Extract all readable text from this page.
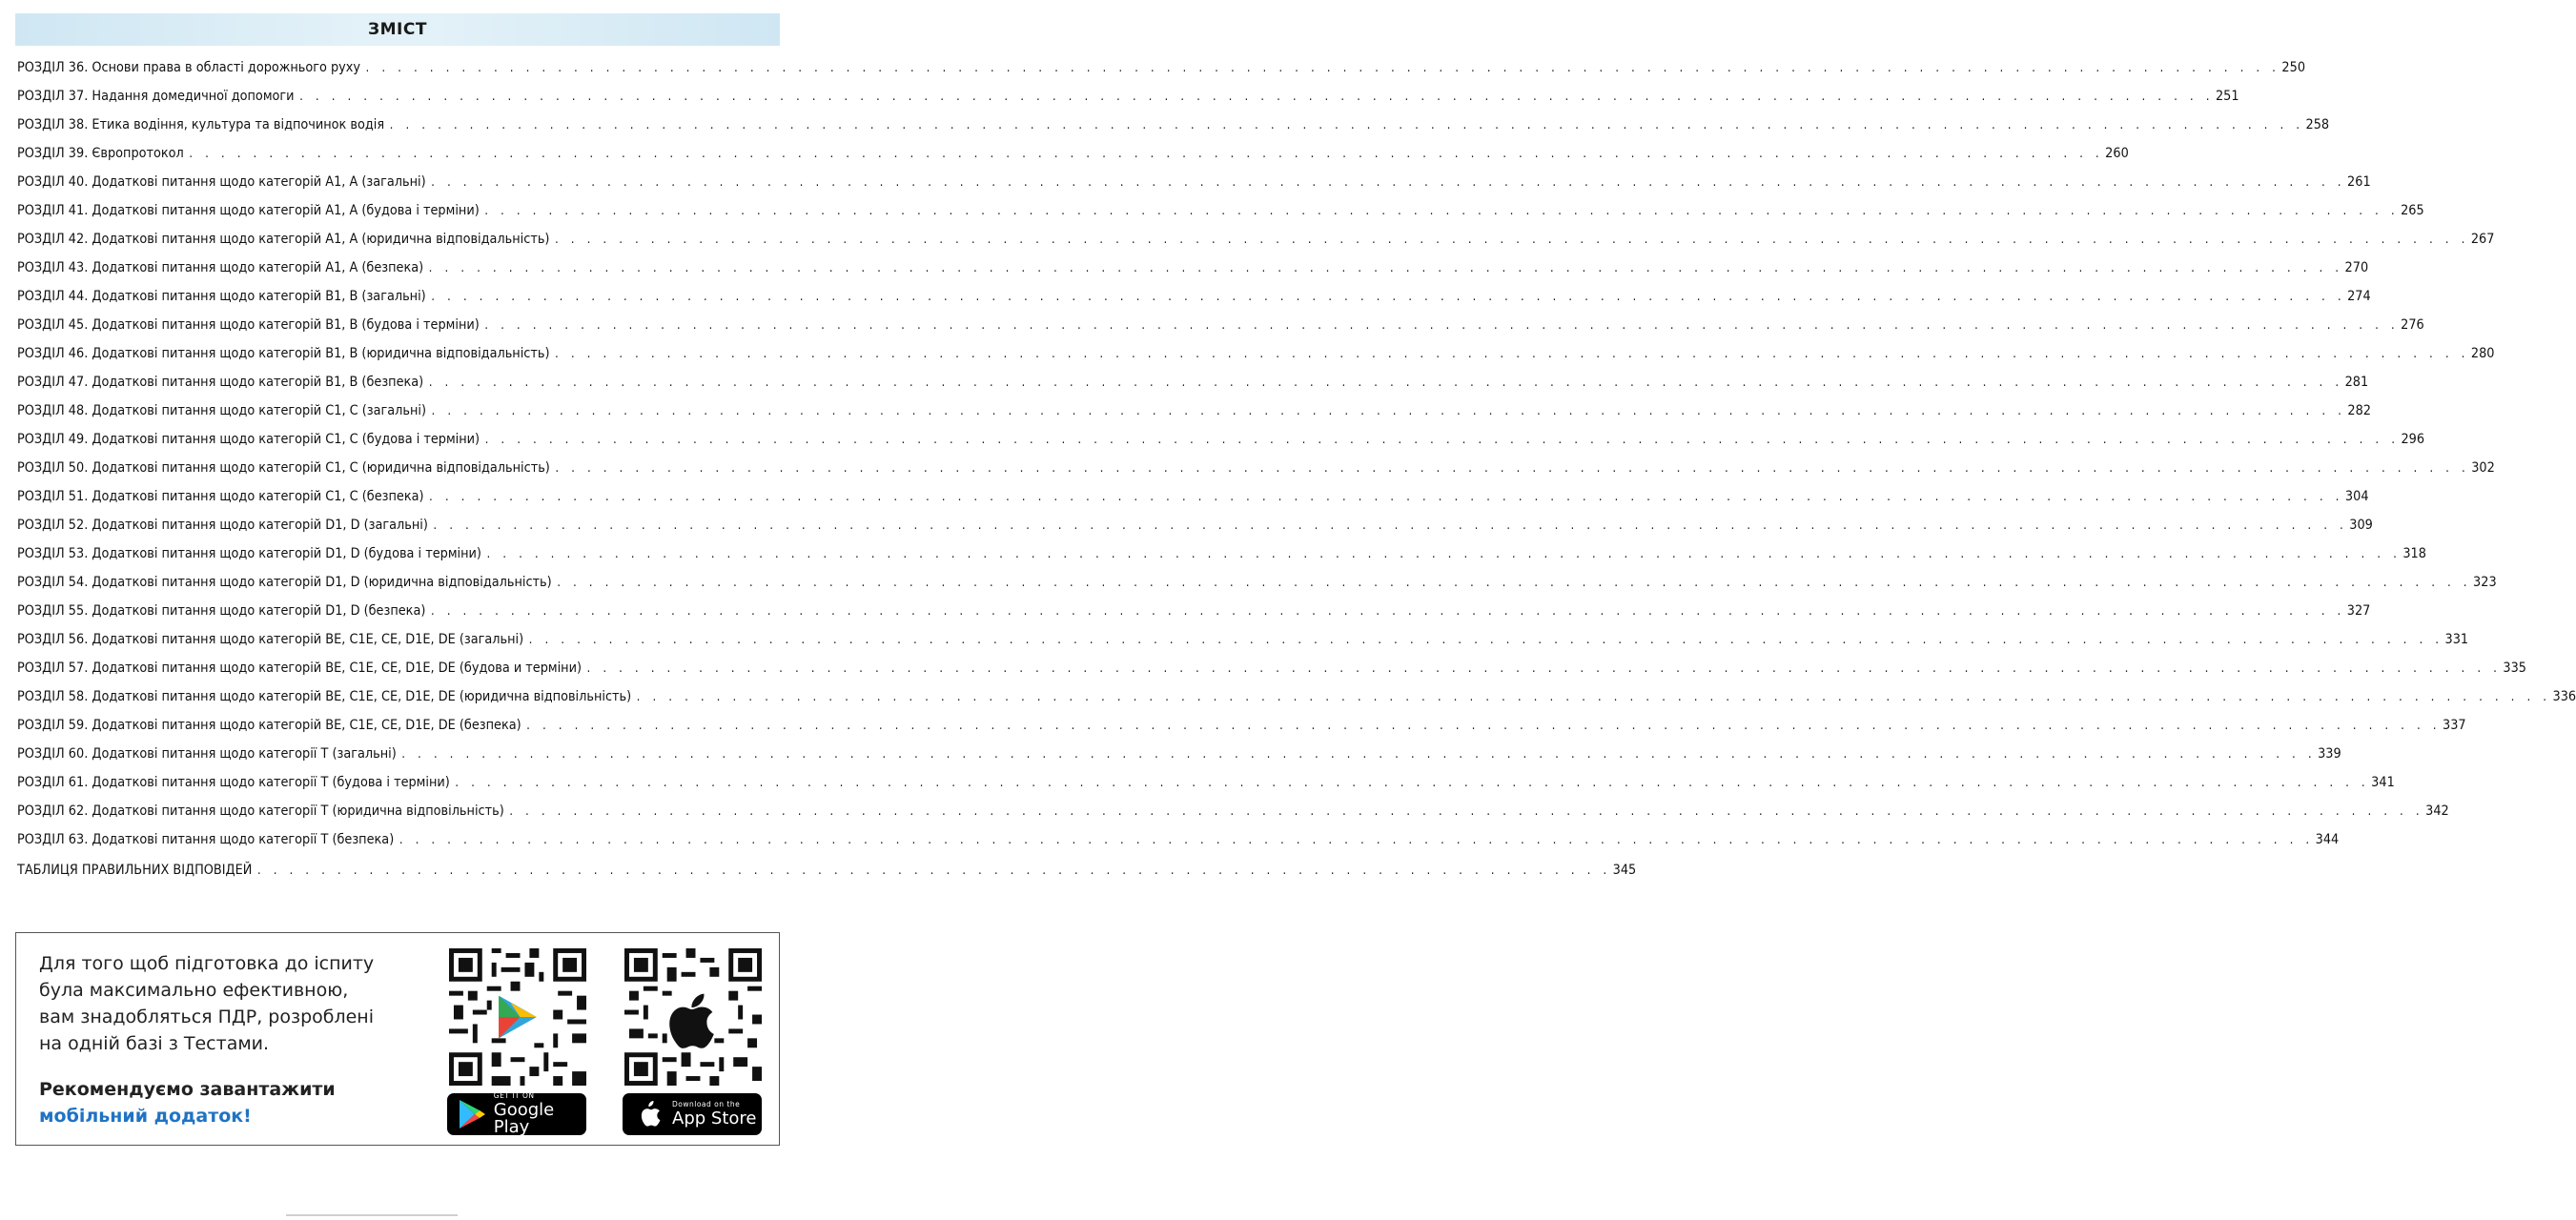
ЗМІСТ
РОЗДІЛ 36. Основи права в області дорожнього руху . . . . . . . . . . . . . . . . . . . . . . . . . . . . . . . . . . . . . . . . . . . . . . . . . . . . . . . . . . . . . . . . . . . . . . . . . . . . . . . . . . . . . . . . . . . . . . . . . . . . . . . . . . . . . . . . . . . . . . . . 250
РОЗДІЛ 37. Надання домедичної допомоги . . . . . . . . . . . . . . . . . . . . . . . . . . . . . . . . . . . . . . . . . . . . . . . . . . . . . . . . . . . . . . . . . . . . . . . . . . . . . . . . . . . . . . . . . . . . . . . . . . . . . . . . . . . . . . . . . . . . . . . . 251
РОЗДІЛ 38. Етика водіння, культура та відпочинок водія . . . . . . . . . . . . . . . . . . . . . . . . . . . . . . . . . . . . . . . . . . . . . . . . . . . . . . . . . . . . . . . . . . . . . . . . . . . . . . . . . . . . . . . . . . . . . . . . . . . . . . . . . . . . . . . . . . . . . . . . 258
РОЗДІЛ 39. Європротокол . . . . . . . . . . . . . . . . . . . . . . . . . . . . . . . . . . . . . . . . . . . . . . . . . . . . . . . . . . . . . . . . . . . . . . . . . . . . . . . . . . . . . . . . . . . . . . . . . . . . . . . . . . . . . . . . . . . . . . . . 260
РОЗДІЛ 40. Додаткові питання щодо категорій A1, A (загальні) . . . . . . . . . . . . . . . . . . . . . . . . . . . . . . . . . . . . . . . . . . . . . . . . . . . . . . . . . . . . . . . . . . . . . . . . . . . . . . . . . . . . . . . . . . . . . . . . . . . . . . . . . . . . . . . . . . . . . . . . 261
РОЗДІЛ 41. Додаткові питання щодо категорій A1, A (будова і терміни) . . . . . . . . . . . . . . . . . . . . . . . . . . . . . . . . . . . . . . . . . . . . . . . . . . . . . . . . . . . . . . . . . . . . . . . . . . . . . . . . . . . . . . . . . . . . . . . . . . . . . . . . . . . . . . . . . . . . . . . . 265
РОЗДІЛ 42. Додаткові питання щодо категорій A1, A (юридична відповідальність) . . . . . . . . . . . . . . . . . . . . . . . . . . . . . . . . . . . . . . . . . . . . . . . . . . . . . . . . . . . . . . . . . . . . . . . . . . . . . . . . . . . . . . . . . . . . . . . . . . . . . . . . . . . . . . . . . . . . . . . . 267
РОЗДІЛ 43. Додаткові питання щодо категорій A1, A (безпека) . . . . . . . . . . . . . . . . . . . . . . . . . . . . . . . . . . . . . . . . . . . . . . . . . . . . . . . . . . . . . . . . . . . . . . . . . . . . . . . . . . . . . . . . . . . . . . . . . . . . . . . . . . . . . . . . . . . . . . . . 270
РОЗДІЛ 44. Додаткові питання щодо категорій B1, B (загальні) . . . . . . . . . . . . . . . . . . . . . . . . . . . . . . . . . . . . . . . . . . . . . . . . . . . . . . . . . . . . . . . . . . . . . . . . . . . . . . . . . . . . . . . . . . . . . . . . . . . . . . . . . . . . . . . . . . . . . . . . 274
РОЗДІЛ 45. Додаткові питання щодо категорій B1, B (будова і терміни) . . . . . . . . . . . . . . . . . . . . . . . . . . . . . . . . . . . . . . . . . . . . . . . . . . . . . . . . . . . . . . . . . . . . . . . . . . . . . . . . . . . . . . . . . . . . . . . . . . . . . . . . . . . . . . . . . . . . . . . . 276
РОЗДІЛ 46. Додаткові питання щодо категорій B1, B (юридична відповідальність) . . . . . . . . . . . . . . . . . . . . . . . . . . . . . . . . . . . . . . . . . . . . . . . . . . . . . . . . . . . . . . . . . . . . . . . . . . . . . . . . . . . . . . . . . . . . . . . . . . . . . . . . . . . . . . . . . . . . . . . . 280
РОЗДІЛ 47. Додаткові питання щодо категорій B1, B (безпека) . . . . . . . . . . . . . . . . . . . . . . . . . . . . . . . . . . . . . . . . . . . . . . . . . . . . . . . . . . . . . . . . . . . . . . . . . . . . . . . . . . . . . . . . . . . . . . . . . . . . . . . . . . . . . . . . . . . . . . . . 281
РОЗДІЛ 48. Додаткові питання щодо категорій C1, C (загальні) . . . . . . . . . . . . . . . . . . . . . . . . . . . . . . . . . . . . . . . . . . . . . . . . . . . . . . . . . . . . . . . . . . . . . . . . . . . . . . . . . . . . . . . . . . . . . . . . . . . . . . . . . . . . . . . . . . . . . . . . 282
РОЗДІЛ 49. Додаткові питання щодо категорій C1, C (будова і терміни) . . . . . . . . . . . . . . . . . . . . . . . . . . . . . . . . . . . . . . . . . . . . . . . . . . . . . . . . . . . . . . . . . . . . . . . . . . . . . . . . . . . . . . . . . . . . . . . . . . . . . . . . . . . . . . . . . . . . . . . . 296
РОЗДІЛ 50. Додаткові питання щодо категорій C1, C (юридична відповідальність) . . . . . . . . . . . . . . . . . . . . . . . . . . . . . . . . . . . . . . . . . . . . . . . . . . . . . . . . . . . . . . . . . . . . . . . . . . . . . . . . . . . . . . . . . . . . . . . . . . . . . . . . . . . . . . . . . . . . . . . . 302
РОЗДІЛ 51. Додаткові питання щодо категорій C1, C (безпека) . . . . . . . . . . . . . . . . . . . . . . . . . . . . . . . . . . . . . . . . . . . . . . . . . . . . . . . . . . . . . . . . . . . . . . . . . . . . . . . . . . . . . . . . . . . . . . . . . . . . . . . . . . . . . . . . . . . . . . . . 304
РОЗДІЛ 52. Додаткові питання щодо категорій D1, D (загальні) . . . . . . . . . . . . . . . . . . . . . . . . . . . . . . . . . . . . . . . . . . . . . . . . . . . . . . . . . . . . . . . . . . . . . . . . . . . . . . . . . . . . . . . . . . . . . . . . . . . . . . . . . . . . . . . . . . . . . . . . 309
РОЗДІЛ 53. Додаткові питання щодо категорій D1, D (будова і терміни) . . . . . . . . . . . . . . . . . . . . . . . . . . . . . . . . . . . . . . . . . . . . . . . . . . . . . . . . . . . . . . . . . . . . . . . . . . . . . . . . . . . . . . . . . . . . . . . . . . . . . . . . . . . . . . . . . . . . . . . . 318
РОЗДІЛ 54. Додаткові питання щодо категорій D1, D (юридична відповідальність) . . . . . . . . . . . . . . . . . . . . . . . . . . . . . . . . . . . . . . . . . . . . . . . . . . . . . . . . . . . . . . . . . . . . . . . . . . . . . . . . . . . . . . . . . . . . . . . . . . . . . . . . . . . . . . . . . . . . . . . . 323
РОЗДІЛ 55. Додаткові питання щодо категорій D1, D (безпека) . . . . . . . . . . . . . . . . . . . . . . . . . . . . . . . . . . . . . . . . . . . . . . . . . . . . . . . . . . . . . . . . . . . . . . . . . . . . . . . . . . . . . . . . . . . . . . . . . . . . . . . . . . . . . . . . . . . . . . . . 327
РОЗДІЛ 56. Додаткові питання щодо категорій BE, C1E, CE, D1E, DE (загальні) . . . . . . . . . . . . . . . . . . . . . . . . . . . . . . . . . . . . . . . . . . . . . . . . . . . . . . . . . . . . . . . . . . . . . . . . . . . . . . . . . . . . . . . . . . . . . . . . . . . . . . . . . . . . . . . . . . . . . . . . 331
РОЗДІЛ 57. Додаткові питання щодо категорій BE, C1E, CE, D1E, DE (будова и терміни) . . . . . . . . . . . . . . . . . . . . . . . . . . . . . . . . . . . . . . . . . . . . . . . . . . . . . . . . . . . . . . . . . . . . . . . . . . . . . . . . . . . . . . . . . . . . . . . . . . . . . . . . . . . . . . . . . . . . . . . . 335
РОЗДІЛ 58. Додаткові питання щодо категорій BE, C1E, CE, D1E, DE (юридична відповільність) . . . . . . . . . . . . . . . . . . . . . . . . . . . . . . . . . . . . . . . . . . . . . . . . . . . . . . . . . . . . . . . . . . . . . . . . . . . . . . . . . . . . . . . . . . . . . . . . . . . . . . . . . . . . . . . . . . . . . . . . 336
РОЗДІЛ 59. Додаткові питання щодо категорій BE, C1E, CE, D1E, DE (безпека) . . . . . . . . . . . . . . . . . . . . . . . . . . . . . . . . . . . . . . . . . . . . . . . . . . . . . . . . . . . . . . . . . . . . . . . . . . . . . . . . . . . . . . . . . . . . . . . . . . . . . . . . . . . . . . . . . . . . . . . . 337
РОЗДІЛ 60. Додаткові питання щодо категорії T (загальні) . . . . . . . . . . . . . . . . . . . . . . . . . . . . . . . . . . . . . . . . . . . . . . . . . . . . . . . . . . . . . . . . . . . . . . . . . . . . . . . . . . . . . . . . . . . . . . . . . . . . . . . . . . . . . . . . . . . . . . . . 339
РОЗДІЛ 61. Додаткові питання щодо категорії T (будова і терміни) . . . . . . . . . . . . . . . . . . . . . . . . . . . . . . . . . . . . . . . . . . . . . . . . . . . . . . . . . . . . . . . . . . . . . . . . . . . . . . . . . . . . . . . . . . . . . . . . . . . . . . . . . . . . . . . . . . . . . . . . 341
РОЗДІЛ 62. Додаткові питання щодо категорії T (юридична відповільність) . . . . . . . . . . . . . . . . . . . . . . . . . . . . . . . . . . . . . . . . . . . . . . . . . . . . . . . . . . . . . . . . . . . . . . . . . . . . . . . . . . . . . . . . . . . . . . . . . . . . . . . . . . . . . . . . . . . . . . . . 342
РОЗДІЛ 63. Додаткові питання щодо категорії T (безпека) . . . . . . . . . . . . . . . . . . . . . . . . . . . . . . . . . . . . . . . . . . . . . . . . . . . . . . . . . . . . . . . . . . . . . . . . . . . . . . . . . . . . . . . . . . . . . . . . . . . . . . . . . . . . . . . . . . . . . . . . 344
ТАБЛИЦЯ ПРАВИЛЬНИХ ВІДПОВІДЕЙ . . . . . . . . . . . . . . . . . . . . . . . . . . . . . . . . . . . . . . . . . . . . . . . . . . . . . . . . . . . . . . . . . . . . . . . . . . . . . . . . . . . . . 345
Для того щоб підготовка до іспиту
була максимально ефективною,
вам знадобляться ПДР, розроблені
на одній базі з Тестами.
Рекомендуємо завантажити
мобільний додаток!
GET IT ON
Google Play
Download on the
App Store
